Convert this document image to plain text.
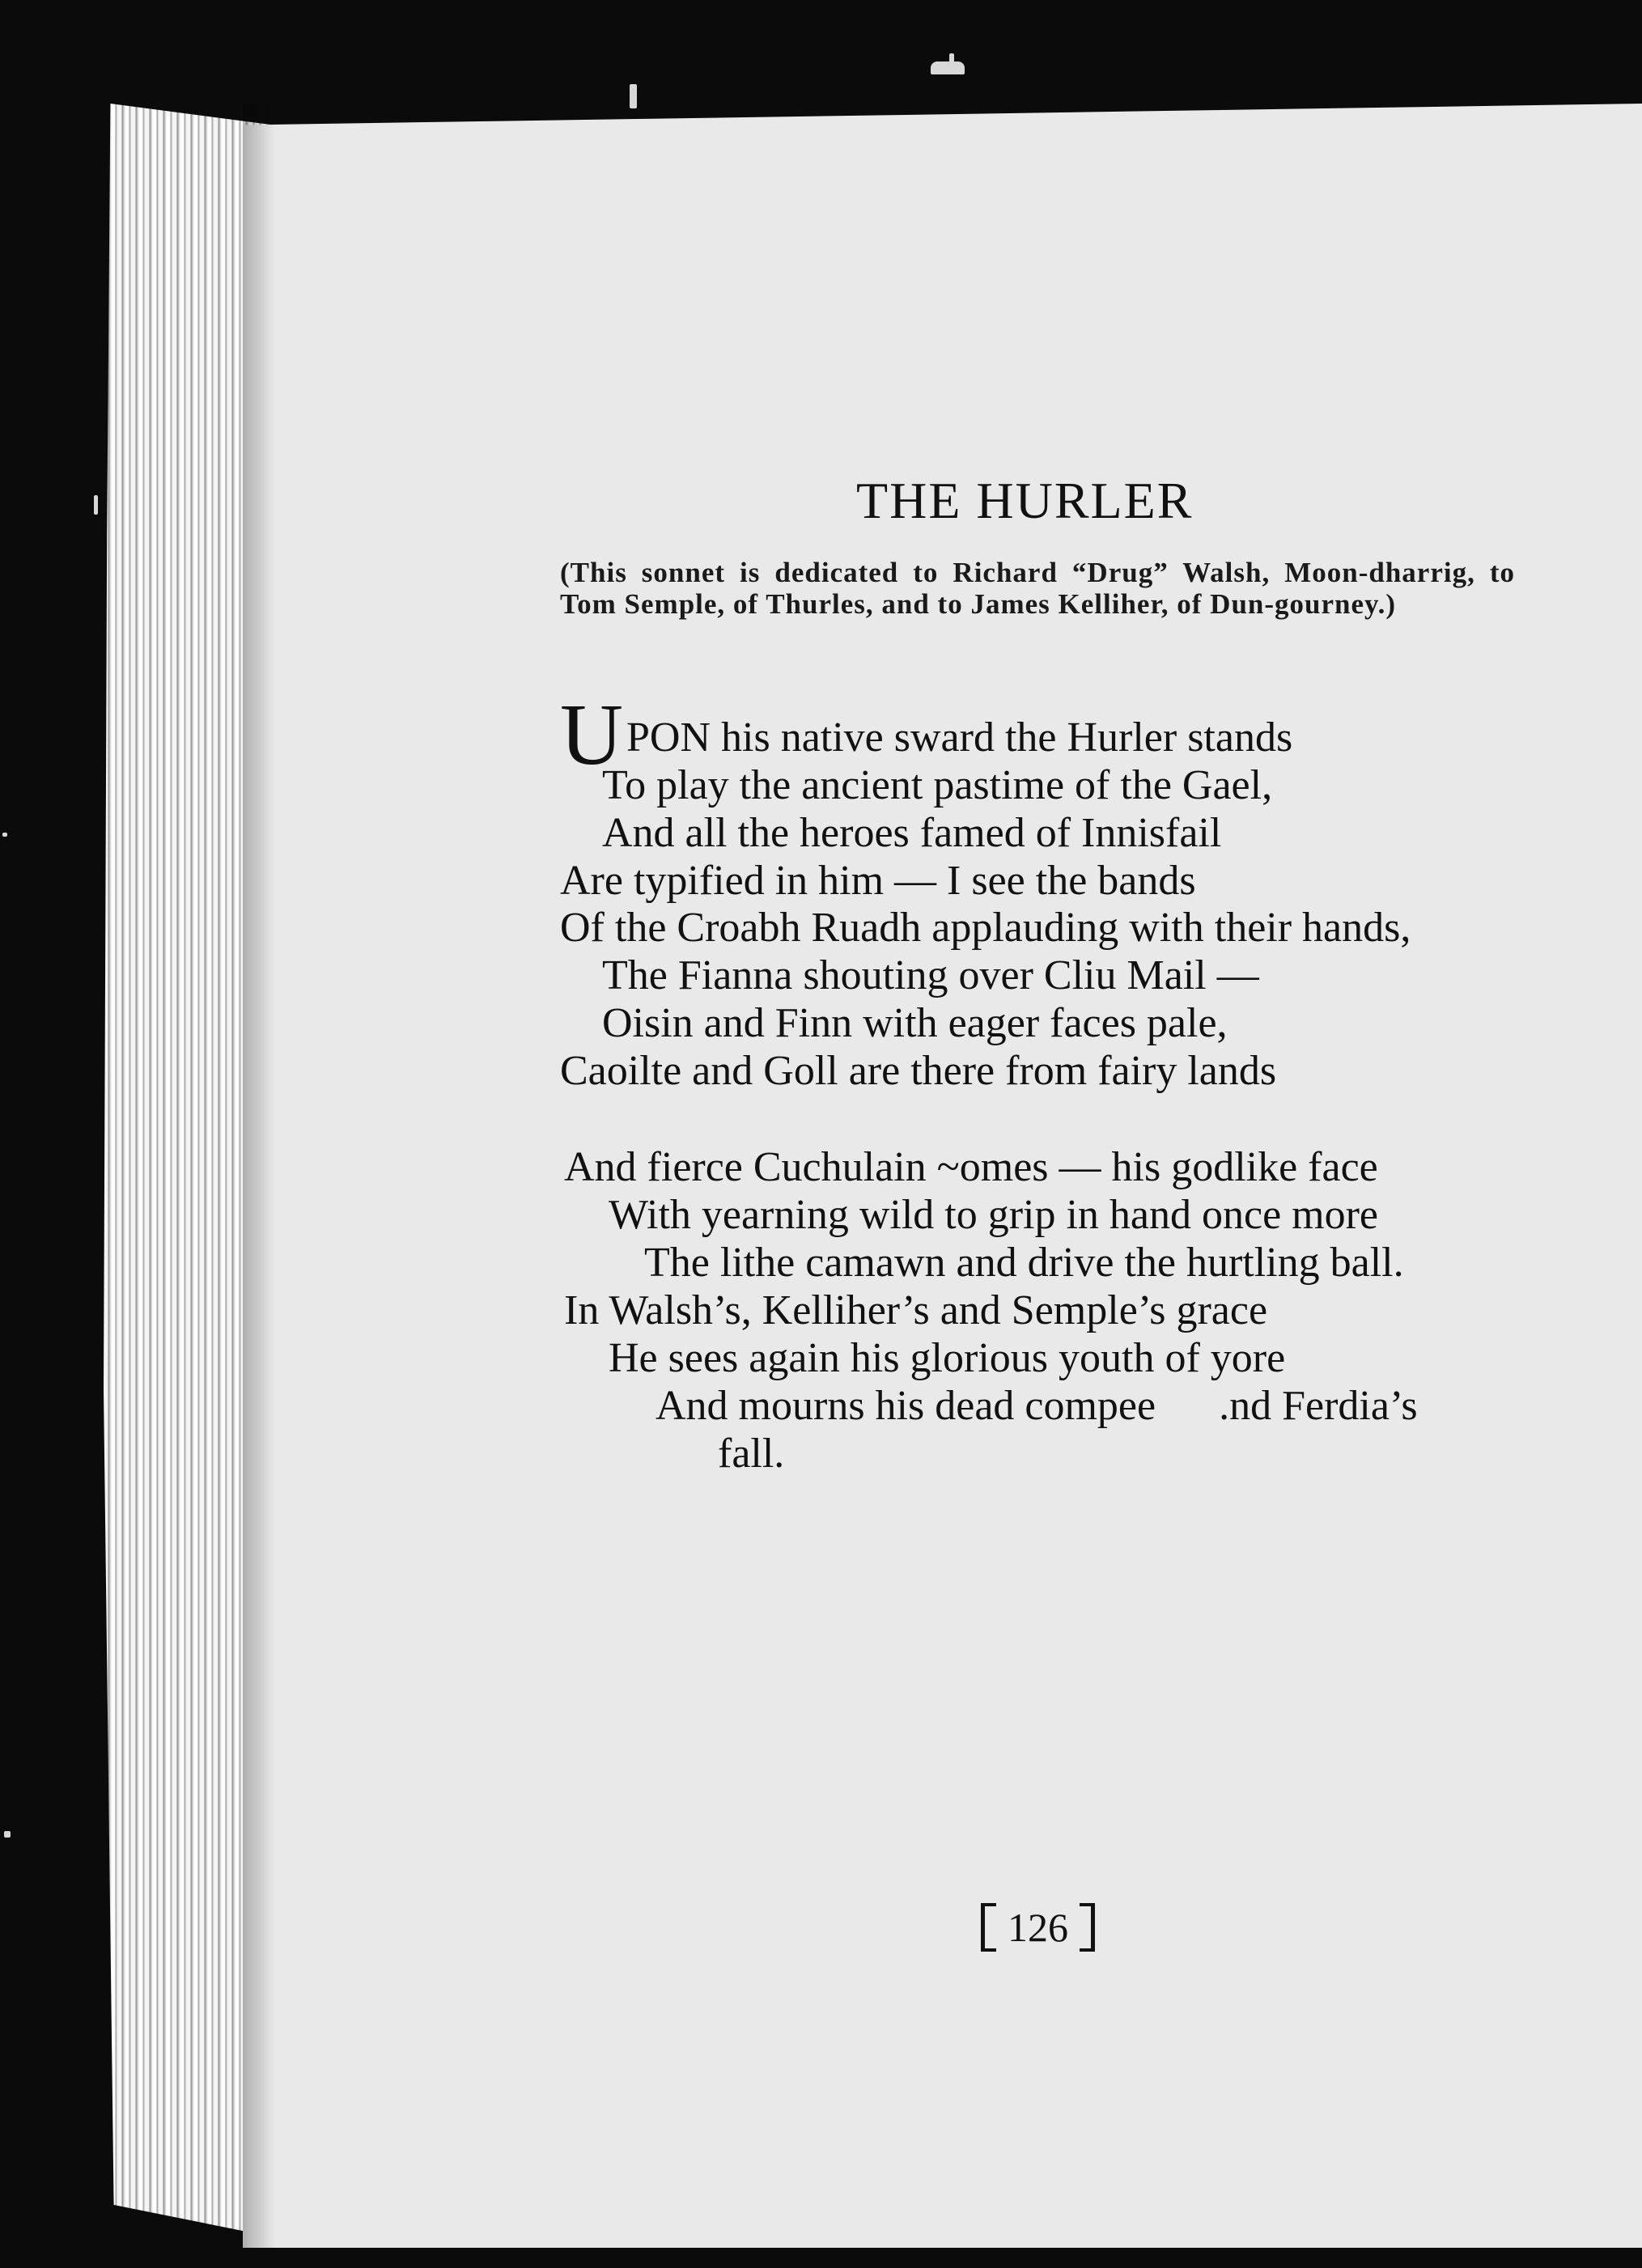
THE HURLER

(This sonnet is dedicated to Richard “Drug” Walsh, Moon-dharrig, to Tom Semple, of Thurles, and to James Kelliher, of Dun-gourney.)

U PON his native sward the Hurler stands
To play the ancient pastime of the Gael,
And all the heroes famed of Innisfail
Are typified in him — I see the bands
Of the Croabh Ruadh applauding with their hands,
The Fianna shouting over Cliu Mail —
Oisin and Finn with eager faces pale,
Caoilte and Goll are there from fairy lands
And fierce Cuchulain ~omes — his godlike face
With yearning wild to grip in hand once more
The lithe camawn and drive the hurtling ball.
In Walsh’s, Kelliher’s and Semple’s grace
He sees again his glorious youth of yore
And mourns his dead compee      .nd Ferdia’s
fall.
126
